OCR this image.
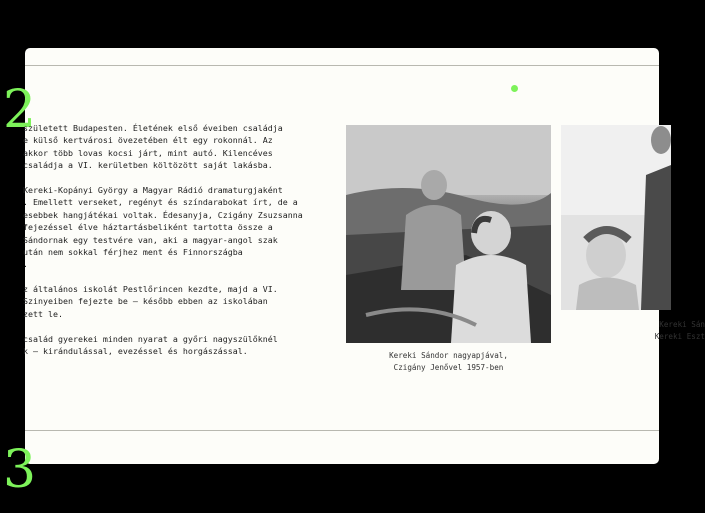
2
született Budapesten. Életének első éveiben családja
e külső kertvárosi övezetében élt egy rokonnál. Az
akkor több lovas kocsi járt, mint autó. Kilencéves
családja a VI. kerületben költözött saját lakásba.
Kereki-Kopányi György a Magyar Rádió dramaturgjaként
. Emellett verseket, regényt és színdarabokat írt, de a
esebbek hangjátékai voltak. Édesanyja, Czigány Zsuzsanna
fejezéssel élve háztartásbeliként tartotta össze a
Sándornak egy testvére van, aki a magyar-angol szak
után nem sokkal férjhez ment és Finnországba
.
z általános iskolát Pestlőrincen kezdte, majd a VI.
Szinyeiben fejezte be – később ebben az iskolában
zett le.
család gyerekei minden nyarat a győri nagyszülőknél
k – kirándulással, evezéssel és horgászással.	Kereki Sándor nagyapjával,
Czigány Jenővel 1957-ben
Kereki Sán
Kereki Eszt
3
